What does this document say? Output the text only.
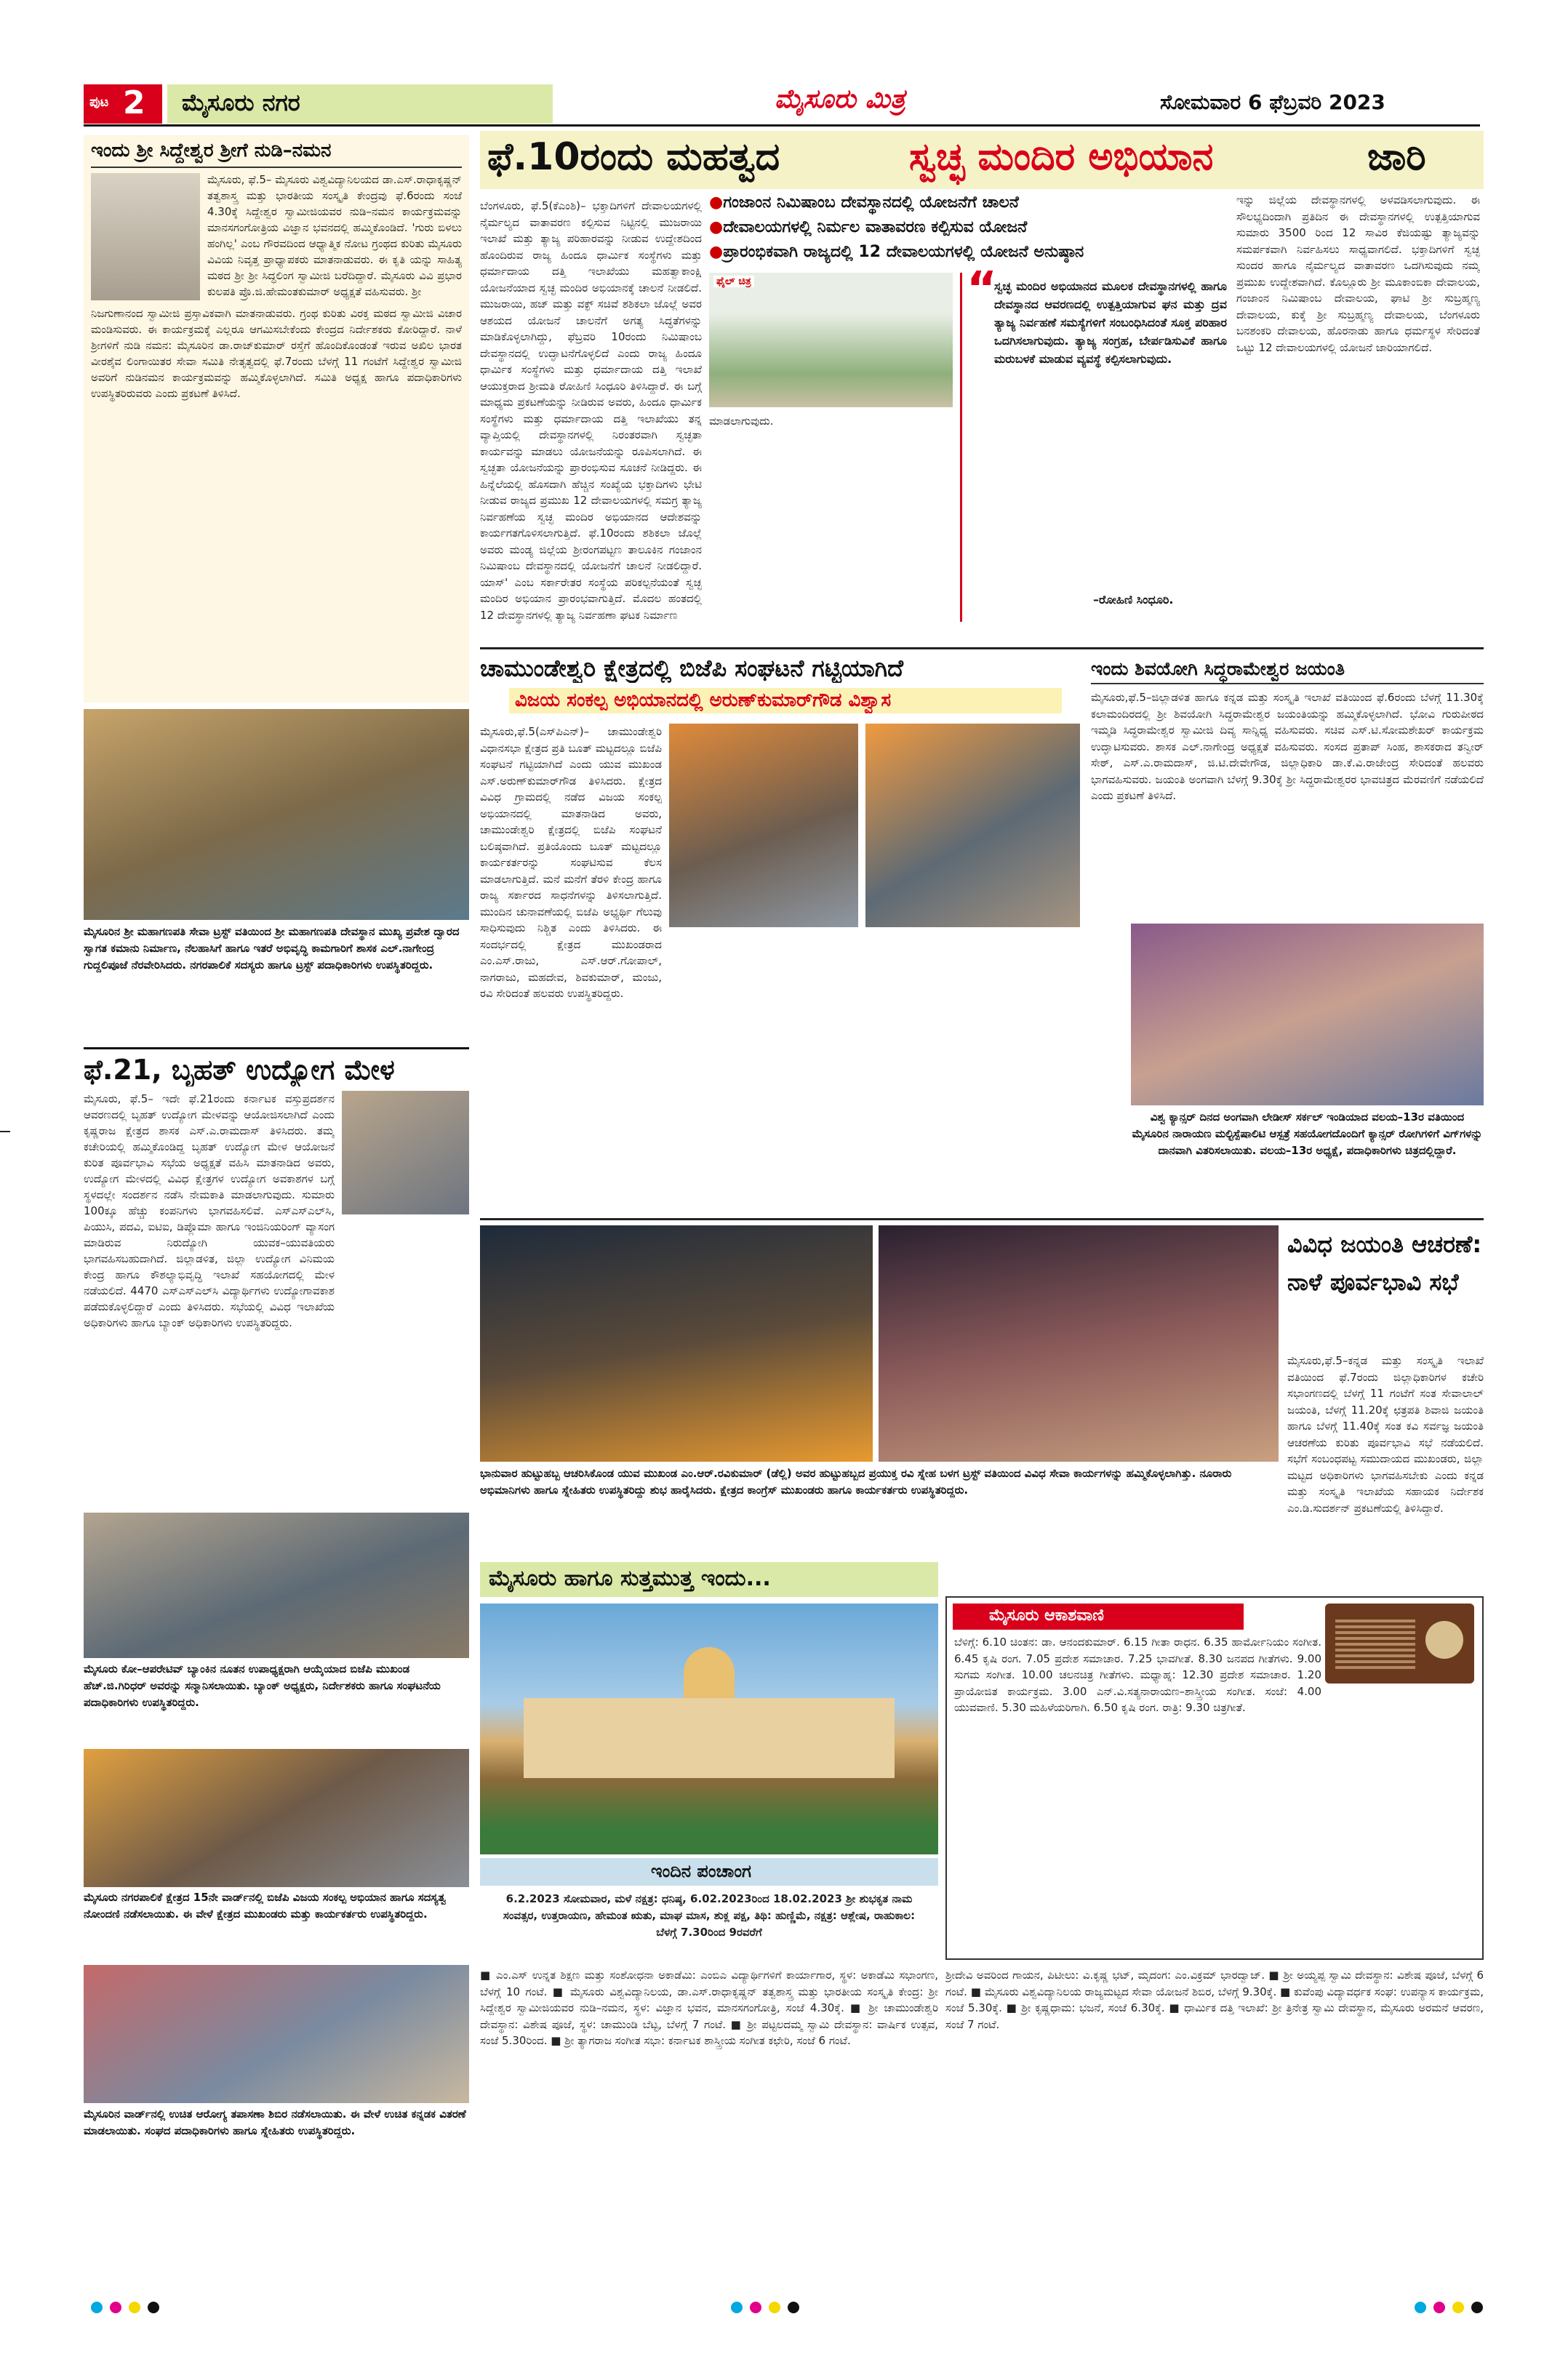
ಪುಟ 2 ಮೈಸೂರು ನಗರ	ಮೈಸೂರು ಮಿತ್ರ	ಸೋಮವಾರ 6 ಫೆಬ್ರವರಿ 2023
ಇಂದು ಶ್ರೀ ಸಿದ್ದೇಶ್ವರ ಶ್ರೀಗೆ ನುಡಿ–ನಮನ
ಮೈಸೂರು, ಫೆ.5– ಮೈಸೂರು ವಿಶ್ವವಿದ್ಯಾನಿಲಯದ ಡಾ.ಎಸ್.ರಾಧಾಕೃಷ್ಣನ್ ತತ್ವಶಾಸ್ತ್ರ ಮತ್ತು ಭಾರತೀಯ ಸಂಸ್ಕೃತಿ ಕೇಂದ್ರವು ಫೆ.6ರಂದು ಸಂಜೆ 4.30ಕ್ಕೆ ಸಿದ್ದೇಶ್ವರ ಸ್ವಾಮೀಜಿಯವರ ನುಡಿ–ನಮನ ಕಾರ್ಯಕ್ರಮವನ್ನು ಮಾನಸಗಂಗೋತ್ರಿಯ ವಿಜ್ಞಾನ ಭವನದಲ್ಲಿ ಹಮ್ಮಿಕೊಂಡಿದೆ. 'ಗುರು ಬಿಳಲು ಹಂಗಿಲ್ಲ' ಎಂಬ ಗೌರವದಿಂದ ಆಧ್ಯಾತ್ಮಿಕ ನೋಟ ಗ್ರಂಥದ ಕುರಿತು ಮೈಸೂರು ವಿವಿಯ ನಿವೃತ್ತ ಪ್ರಾಧ್ಯಾಪಕರು ಮಾತನಾಡುವರು. ಈ ಕೃತಿ ಯನ್ನು ಸಾಹಿತ್ಯ ಮಠದ ಶ್ರೀ ಶ್ರೀ ಸಿದ್ಧಲಿಂಗ ಸ್ವಾಮೀಜಿ ಬರೆದಿದ್ದಾರೆ. ಮೈಸೂರು ವಿವಿ ಪ್ರಭಾರ ಕುಲಪತಿ ಪ್ರೊ.ಜಿ.ಹೇಮಂತಕುಮಾರ್ ಅಧ್ಯಕ್ಷತೆ ವಹಿಸುವರು. ಶ್ರೀ
ನಿಜಗುಣಾನಂದ ಸ್ವಾಮೀಜಿ ಪ್ರಸ್ತಾವಿಕವಾಗಿ ಮಾತನಾಡುವರು. ಗ್ರಂಥ ಕುರಿತು ವಿರಕ್ತ ಮಠದ ಸ್ವಾಮೀಜಿ ವಿಚಾರ ಮಂಡಿಸುವರು. ಈ ಕಾರ್ಯಕ್ರಮಕ್ಕೆ ಎಲ್ಲರೂ ಆಗಮಿಸಬೇಕೆಂದು ಕೇಂದ್ರದ ನಿರ್ದೇಶಕರು ಕೋರಿದ್ದಾರೆ. ನಾಳೆ ಶ್ರೀಗಳಿಗೆ ನುಡಿ ನಮನ: ಮೈಸೂರಿನ ಡಾ.ರಾಜ್‌ಕುಮಾರ್ ರಸ್ತೆಗೆ ಹೊಂದಿಕೊಂಡಂತೆ ಇರುವ ಅಖಿಲ ಭಾರತ ವೀರಶೈವ ಲಿಂಗಾಯಿತರ ಸೇವಾ ಸಮಿತಿ ನೇತೃತ್ವದಲ್ಲಿ ಫೆ.7ರಂದು ಬೆಳಗ್ಗೆ 11 ಗಂಟೆಗೆ ಸಿದ್ದೇಶ್ವರ ಸ್ವಾಮೀಜಿ ಅವರಿಗೆ ನುಡಿನಮನ ಕಾರ್ಯಕ್ರಮವನ್ನು ಹಮ್ಮಿಕೊಳ್ಳಲಾಗಿದೆ. ಸಮಿತಿ ಅಧ್ಯಕ್ಷ ಹಾಗೂ ಪದಾಧಿಕಾರಿಗಳು ಉಪಸ್ಥಿತರಿರುವರು ಎಂದು ಪ್ರಕಟಣೆ ತಿಳಿಸಿದೆ.
ಮೈಸೂರಿನ ಶ್ರೀ ಮಹಾಗಣಪತಿ ಸೇವಾ ಟ್ರಸ್ಟ್ ವತಿಯಿಂದ ಶ್ರೀ ಮಹಾಗಣಪತಿ ದೇವಸ್ಥಾನ ಮುಖ್ಯ ಪ್ರವೇಶ ದ್ವಾರದ ಸ್ವಾಗತ ಕಮಾನು ನಿರ್ಮಾಣ, ನೆಲಹಾಸಿಗೆ ಹಾಗೂ ಇತರೆ ಅಭಿವೃದ್ಧಿ ಕಾಮಗಾರಿಗೆ ಶಾಸಕ ಎಲ್.ನಾಗೇಂದ್ರ ಗುದ್ದಲಿಪೂಜೆ ನೆರವೇರಿಸಿದರು. ನಗರಪಾಲಿಕೆ ಸದಸ್ಯರು ಹಾಗೂ ಟ್ರಸ್ಟ್ ಪದಾಧಿಕಾರಿಗಳು ಉಪಸ್ಥಿತರಿದ್ದರು.
ಫೆ.21, ಬೃಹತ್ ಉದ್ಯೋಗ ಮೇಳ
ಮೈಸೂರು, ಫೆ.5– ಇದೇ ಫೆ.21ರಂದು ಕರ್ನಾಟಕ ವಸ್ತುಪ್ರದರ್ಶನ ಆವರಣದಲ್ಲಿ ಬೃಹತ್ ಉದ್ಯೋಗ ಮೇಳವನ್ನು ಆಯೋಜಿಸಲಾಗಿದೆ ಎಂದು ಕೃಷ್ಣರಾಜ ಕ್ಷೇತ್ರದ ಶಾಸಕ ಎಸ್.ಎ.ರಾಮದಾಸ್ ತಿಳಿಸಿದರು. ತಮ್ಮ ಕಚೇರಿಯಲ್ಲಿ ಹಮ್ಮಿಕೊಂಡಿದ್ದ ಬೃಹತ್ ಉದ್ಯೋಗ ಮೇಳ ಆಯೋಜನೆ ಕುರಿತ ಪೂರ್ವಭಾವಿ ಸಭೆಯ ಅಧ್ಯಕ್ಷತೆ ವಹಿಸಿ ಮಾತನಾಡಿದ ಅವರು, ಉದ್ಯೋಗ ಮೇಳದಲ್ಲಿ ವಿವಿಧ ಕ್ಷೇತ್ರಗಳ ಉದ್ಯೋಗ ಅವಕಾಶಗಳ ಬಗ್ಗೆ ಸ್ಥಳದಲ್ಲೇ ಸಂದರ್ಶನ ನಡೆಸಿ ನೇಮಕಾತಿ ಮಾಡಲಾಗುವುದು. ಸುಮಾರು 100ಕ್ಕೂ ಹೆಚ್ಚು ಕಂಪನಿಗಳು ಭಾಗವಹಿಸಲಿವೆ. ಎಸ್‌ಎಸ್‌ಎಲ್‌ಸಿ, ಪಿಯುಸಿ, ಪದವಿ, ಐಟಿಐ, ಡಿಪ್ಲೊಮಾ ಹಾಗೂ ಇಂಜಿನಿಯರಿಂಗ್ ವ್ಯಾಸಂಗ ಮಾಡಿರುವ ನಿರುದ್ಯೋಗಿ ಯುವಕ–ಯುವತಿಯರು ಭಾಗವಹಿಸಬಹುದಾಗಿದೆ. ಜಿಲ್ಲಾಡಳಿತ, ಜಿಲ್ಲಾ ಉದ್ಯೋಗ ವಿನಿಮಯ ಕೇಂದ್ರ ಹಾಗೂ ಕೌಶಲ್ಯಾಭಿವೃದ್ಧಿ ಇಲಾಖೆ ಸಹಯೋಗದಲ್ಲಿ ಮೇಳ ನಡೆಯಲಿದೆ. 4470 ಎಸ್‌ಎಸ್‌ಎಲ್‌ಸಿ ವಿದ್ಯಾರ್ಥಿಗಳು ಉದ್ಯೋಗಾವಕಾಶ ಪಡೆದುಕೊಳ್ಳಲಿದ್ದಾರೆ ಎಂದು ತಿಳಿಸಿದರು. ಸಭೆಯಲ್ಲಿ ವಿವಿಧ ಇಲಾಖೆಯ ಅಧಿಕಾರಿಗಳು ಹಾಗೂ ಬ್ಯಾಂಕ್ ಅಧಿಕಾರಿಗಳು ಉಪಸ್ಥಿತರಿದ್ದರು.
ಮೈಸೂರು ಕೋ–ಆಪರೇಟಿವ್ ಬ್ಯಾಂಕಿನ ನೂತನ ಉಪಾಧ್ಯಕ್ಷರಾಗಿ ಆಯ್ಕೆಯಾದ ಬಿಜೆಪಿ ಮುಖಂಡ ಹೆಚ್.ಜಿ.ಗಿರಿಧರ್ ಅವರನ್ನು ಸನ್ಮಾನಿಸಲಾಯಿತು. ಬ್ಯಾಂಕ್ ಅಧ್ಯಕ್ಷರು, ನಿರ್ದೇಶಕರು ಹಾಗೂ ಸಂಘಟನೆಯ ಪದಾಧಿಕಾರಿಗಳು ಉಪಸ್ಥಿತರಿದ್ದರು.
ಮೈಸೂರು ನಗರಪಾಲಿಕೆ ಕ್ಷೇತ್ರದ 15ನೇ ವಾರ್ಡ್‌ನಲ್ಲಿ ಬಿಜೆಪಿ ವಿಜಯ ಸಂಕಲ್ಪ ಅಭಿಯಾನ ಹಾಗೂ ಸದಸ್ಯತ್ವ ನೋಂದಣಿ ನಡೆಸಲಾಯಿತು. ಈ ವೇಳೆ ಕ್ಷೇತ್ರದ ಮುಖಂಡರು ಮತ್ತು ಕಾರ್ಯಕರ್ತರು ಉಪಸ್ಥಿತರಿದ್ದರು.
ಮೈಸೂರಿನ ವಾರ್ಡ್‌ನಲ್ಲಿ ಉಚಿತ ಆರೋಗ್ಯ ತಪಾಸಣಾ ಶಿಬಿರ ನಡೆಸಲಾಯಿತು. ಈ ವೇಳೆ ಉಚಿತ ಕನ್ನಡಕ ವಿತರಣೆ ಮಾಡಲಾಯಿತು. ಸಂಘದ ಪದಾಧಿಕಾರಿಗಳು ಹಾಗೂ ಸ್ನೇಹಿತರು ಉಪಸ್ಥಿತರಿದ್ದರು.
ಫೆ.10ರಂದು ಮಹತ್ವದ	ಸ್ವಚ್ಛ ಮಂದಿರ ಅಭಿಯಾನ	ಜಾರಿ
ಬೆಂಗಳೂರು, ಫೆ.5(ಕೆಎಂಶಿ)– ಭಕ್ತಾದಿಗಳಿಗೆ ದೇವಾಲಯಗಳಲ್ಲಿ ನೈರ್ಮಲ್ಯದ ವಾತಾವರಣ ಕಲ್ಪಿಸುವ ನಿಟ್ಟಿನಲ್ಲಿ ಮುಜರಾಯಿ ಇಲಾಖೆ ಮತ್ತು ತ್ಯಾಜ್ಯ ಪರಿಹಾರವನ್ನು ನೀಡುವ ಉದ್ದೇಶದಿಂದ ಹೊಂದಿರುವ ರಾಜ್ಯ ಹಿಂದೂ ಧಾರ್ಮಿಕ ಸಂಸ್ಥೆಗಳು ಮತ್ತು ಧರ್ಮಾದಾಯ ದತ್ತಿ ಇಲಾಖೆಯು ಮಹತ್ವಾಕಾಂಕ್ಷಿ ಯೋಜನೆಯಾದ ಸ್ವಚ್ಛ ಮಂದಿರ ಅಭಿಯಾನಕ್ಕೆ ಚಾಲನೆ ನೀಡಲಿದೆ. ಮುಜರಾಯಿ, ಹಜ್ ಮತ್ತು ವಕ್ಫ್ ಸಚಿವೆ ಶಶಿಕಲಾ ಜೊಲ್ಲೆ ಅವರ ಆಶಯದ ಯೋಜನೆ ಚಾಲನೆಗೆ ಅಗತ್ಯ ಸಿದ್ಧತೆಗಳನ್ನು ಮಾಡಿಕೊಳ್ಳಲಾಗಿದ್ದು, ಫೆಬ್ರವರಿ 10ರಂದು ನಿಮಿಷಾಂಬ ದೇವಸ್ಥಾನದಲ್ಲಿ ಉದ್ಘಾಟನೆಗೊಳ್ಳಲಿದೆ ಎಂದು ರಾಜ್ಯ ಹಿಂದೂ ಧಾರ್ಮಿಕ ಸಂಸ್ಥೆಗಳು ಮತ್ತು ಧರ್ಮಾದಾಯ ದತ್ತಿ ಇಲಾಖೆ ಆಯುಕ್ತರಾದ ಶ್ರೀಮತಿ ರೋಹಿಣಿ ಸಿಂಧೂರಿ ತಿಳಿಸಿದ್ದಾರೆ. ಈ ಬಗ್ಗೆ ಮಾಧ್ಯಮ ಪ್ರಕಟಣೆಯನ್ನು ನೀಡಿರುವ ಅವರು, ಹಿಂದೂ ಧಾರ್ಮಿಕ ಸಂಸ್ಥೆಗಳು ಮತ್ತು ಧರ್ಮಾದಾಯ ದತ್ತಿ ಇಲಾಖೆಯು ತನ್ನ ವ್ಯಾಪ್ತಿಯಲ್ಲಿ ದೇವಸ್ಥಾನಗಳಲ್ಲಿ ನಿರಂತರವಾಗಿ ಸ್ವಚ್ಛತಾ ಕಾರ್ಯವನ್ನು ಮಾಡಲು ಯೋಜನೆಯನ್ನು ರೂಪಿಸಲಾಗಿದೆ. ಈ ಸ್ವಚ್ಛತಾ ಯೋಜನೆಯನ್ನು ಪ್ರಾರಂಭಿಸುವ ಸೂಚನೆ ನೀಡಿದ್ದರು. ಈ ಹಿನ್ನೆಲೆಯಲ್ಲಿ ಹೊಸದಾಗಿ ಹೆಚ್ಚಿನ ಸಂಖ್ಯೆಯ ಭಕ್ತಾದಿಗಳು ಭೇಟಿ ನೀಡುವ ರಾಜ್ಯದ ಪ್ರಮುಖ 12 ದೇವಾಲಯಗಳಲ್ಲಿ ಸಮಗ್ರ ತ್ಯಾಜ್ಯ ನಿರ್ವಹಣೆಯ ಸ್ವಚ್ಛ ಮಂದಿರ ಅಭಿಯಾನದ ಆದೇಶವನ್ನು ಕಾರ್ಯಗತಗೊಳಿಸಲಾಗುತ್ತಿದೆ. ಫೆ.10ರಂದು ಶಶಿಕಲಾ ಜೊಲ್ಲೆ ಅವರು ಮಂಡ್ಯ ಜಿಲ್ಲೆಯ ಶ್ರೀರಂಗಪಟ್ಟಣ ತಾಲೂಕಿನ ಗಂಜಾಂನ ನಿಮಿಷಾಂಬ ದೇವಸ್ಥಾನದಲ್ಲಿ ಯೋಜನೆಗೆ ಚಾಲನೆ ನೀಡಲಿದ್ದಾರೆ. ಯಾಸ್' ಎಂಬ ಸರ್ಕಾರೇತರ ಸಂಸ್ಥೆಯ ಪರಿಕಲ್ಪನೆಯಂತೆ ಸ್ವಚ್ಛ ಮಂದಿರ ಅಭಿಯಾನ ಪ್ರಾರಂಭವಾಗುತ್ತಿದೆ. ಮೊದಲ ಹಂತದಲ್ಲಿ 12 ದೇವಸ್ಥಾನಗಳಲ್ಲಿ ತ್ಯಾಜ್ಯ ನಿರ್ವಹಣಾ ಘಟಕ ನಿರ್ಮಾಣ
●ಗಂಜಾಂನ ನಿಮಿಷಾಂಬ ದೇವಸ್ಥಾನದಲ್ಲಿ ಯೋಜನೆಗೆ ಚಾಲನೆ
●ದೇವಾಲಯಗಳಲ್ಲಿ ನಿರ್ಮಲ ವಾತಾವರಣ ಕಲ್ಪಿಸುವ ಯೋಜನೆ
●ಪ್ರಾರಂಭಿಕವಾಗಿ ರಾಜ್ಯದಲ್ಲಿ 12 ದೇವಾಲಯಗಳಲ್ಲಿ ಯೋಜನೆ ಅನುಷ್ಠಾನ
ಫೈಲ್ ಚಿತ್ರ	“
ಸ್ವಚ್ಛ ಮಂದಿರ ಅಭಿಯಾನದ ಮೂಲಕ ದೇವಸ್ಥಾನಗಳಲ್ಲಿ ಹಾಗೂ ದೇವಸ್ಥಾನದ ಆವರಣದಲ್ಲಿ ಉತ್ಪತ್ತಿಯಾಗುವ ಘನ ಮತ್ತು ದ್ರವ ತ್ಯಾಜ್ಯ ನಿರ್ವಹಣೆ ಸಮಸ್ಯೆಗಳಿಗೆ ಸಂಬಂಧಿಸಿದಂತೆ ಸೂಕ್ತ ಪರಿಹಾರ ಒದಗಿಸಲಾಗುವುದು. ತ್ಯಾಜ್ಯ ಸಂಗ್ರಹ, ಬೇರ್ಪಡಿಸುವಿಕೆ ಹಾಗೂ ಮರುಬಳಕೆ ಮಾಡುವ ವ್ಯವಸ್ಥೆ ಕಲ್ಪಿಸಲಾಗುವುದು.
–ರೋಹಿಣಿ ಸಿಂಧೂರಿ.
ಮಾಡಲಾಗುವುದು.
ಇನ್ನು ಜಿಲ್ಲೆಯ ದೇವಸ್ಥಾನಗಳಲ್ಲಿ ಅಳವಡಿಸಲಾಗುವುದು. ಈ ಸೌಲಭ್ಯದಿಂದಾಗಿ ಪ್ರತಿದಿನ ಈ ದೇವಸ್ಥಾನಗಳಲ್ಲಿ ಉತ್ಪತ್ತಿಯಾಗುವ ಸುಮಾರು 3500 ರಿಂದ 12 ಸಾವಿರ ಕೆಜಿಯಷ್ಟು ತ್ಯಾಜ್ಯವನ್ನು ಸಮರ್ಪಕವಾಗಿ ನಿರ್ವಹಿಸಲು ಸಾಧ್ಯವಾಗಲಿದೆ. ಭಕ್ತಾದಿಗಳಿಗೆ ಸ್ವಚ್ಛ ಸುಂದರ ಹಾಗೂ ನೈರ್ಮಲ್ಯದ ವಾತಾವರಣ ಒದಗಿಸುವುದು ನಮ್ಮ ಪ್ರಮುಖ ಉದ್ದೇಶವಾಗಿದೆ. ಕೊಲ್ಲೂರು ಶ್ರೀ ಮೂಕಾಂಬಿಕಾ ದೇವಾಲಯ, ಗಂಜಾಂನ ನಿಮಿಷಾಂಬ ದೇವಾಲಯ, ಘಾಟಿ ಶ್ರೀ ಸುಬ್ರಹ್ಮಣ್ಯ ದೇವಾಲಯ, ಕುಕ್ಕೆ ಶ್ರೀ ಸುಬ್ರಹ್ಮಣ್ಯ ದೇವಾಲಯ, ಬೆಂಗಳೂರು ಬನಶಂಕರಿ ದೇವಾಲಯ, ಹೊರನಾಡು ಹಾಗೂ ಧರ್ಮಸ್ಥಳ ಸೇರಿದಂತೆ ಒಟ್ಟು 12 ದೇವಾಲಯಗಳಲ್ಲಿ ಯೋಜನೆ ಜಾರಿಯಾಗಲಿದೆ.
ಚಾಮುಂಡೇಶ್ವರಿ ಕ್ಷೇತ್ರದಲ್ಲಿ ಬಿಜೆಪಿ ಸಂಘಟನೆ ಗಟ್ಟಿಯಾಗಿದೆ
ವಿಜಯ ಸಂಕಲ್ಪ ಅಭಿಯಾನದಲ್ಲಿ ಅರುಣ್‌ಕುಮಾರ್‌ಗೌಡ ವಿಶ್ವಾಸ
ಮೈಸೂರು,ಫೆ.5(ಎಸ್‌ಪಿಎನ್)– ಚಾಮುಂಡೇಶ್ವರಿ ವಿಧಾನಸಭಾ ಕ್ಷೇತ್ರದ ಪ್ರತಿ ಬೂತ್ ಮಟ್ಟದಲ್ಲೂ ಬಿಜೆಪಿ ಸಂಘಟನೆ ಗಟ್ಟಿಯಾಗಿದೆ ಎಂದು ಯುವ ಮುಖಂಡ ಎಸ್.ಅರುಣ್‌ಕುಮಾರ್‌ಗೌಡ ತಿಳಿಸಿದರು. ಕ್ಷೇತ್ರದ ವಿವಿಧ ಗ್ರಾಮದಲ್ಲಿ ನಡೆದ ವಿಜಯ ಸಂಕಲ್ಪ ಅಭಿಯಾನದಲ್ಲಿ ಮಾತನಾಡಿದ ಅವರು, ಚಾಮುಂಡೇಶ್ವರಿ ಕ್ಷೇತ್ರದಲ್ಲಿ ಬಿಜೆಪಿ ಸಂಘಟನೆ ಬಲಿಷ್ಠವಾಗಿದೆ. ಪ್ರತಿಯೊಂದು ಬೂತ್ ಮಟ್ಟದಲ್ಲೂ ಕಾರ್ಯಕರ್ತರನ್ನು ಸಂಘಟಿಸುವ ಕೆಲಸ ಮಾಡಲಾಗುತ್ತಿದೆ. ಮನೆ ಮನೆಗೆ ತೆರಳಿ ಕೇಂದ್ರ ಹಾಗೂ ರಾಜ್ಯ ಸರ್ಕಾರದ ಸಾಧನೆಗಳನ್ನು ತಿಳಿಸಲಾಗುತ್ತಿದೆ. ಮುಂದಿನ ಚುನಾವಣೆಯಲ್ಲಿ ಬಿಜೆಪಿ ಅಭ್ಯರ್ಥಿ ಗೆಲುವು ಸಾಧಿಸುವುದು ನಿಶ್ಚಿತ ಎಂದು ತಿಳಿಸಿದರು. ಈ ಸಂದರ್ಭದಲ್ಲಿ ಕ್ಷೇತ್ರದ ಮುಖಂಡರಾದ ಎಂ.ಎಸ್.ರಾಜು, ಎಸ್.ಆರ್.ಗೋಪಾಲ್, ನಾಗರಾಜು, ಮಹದೇವ, ಶಿವಕುಮಾರ್, ಮಂಜು, ರವಿ ಸೇರಿದಂತೆ ಹಲವರು ಉಪಸ್ಥಿತರಿದ್ದರು.
ಇಂದು ಶಿವಯೋಗಿ ಸಿದ್ಧರಾಮೇಶ್ವರ ಜಯಂತಿ
ಮೈಸೂರು,ಫೆ.5–ಜಿಲ್ಲಾಡಳಿತ ಹಾಗೂ ಕನ್ನಡ ಮತ್ತು ಸಂಸ್ಕೃತಿ ಇಲಾಖೆ ವತಿಯಿಂದ ಫೆ.6ರಂದು ಬೆಳಗ್ಗೆ 11.30ಕ್ಕೆ ಕಲಾಮಂದಿರದಲ್ಲಿ ಶ್ರೀ ಶಿವಯೋಗಿ ಸಿದ್ಧರಾಮೇಶ್ವರ ಜಯಂತಿಯನ್ನು ಹಮ್ಮಿಕೊಳ್ಳಲಾಗಿದೆ. ಭೋವಿ ಗುರುಪೀಠದ ಇಮ್ಮಡಿ ಸಿದ್ಧರಾಮೇಶ್ವರ ಸ್ವಾಮೀಜಿ ದಿವ್ಯ ಸಾನ್ನಿಧ್ಯ ವಹಿಸುವರು. ಸಚಿವ ಎಸ್.ಟಿ.ಸೋಮಶೇಖರ್ ಕಾರ್ಯಕ್ರಮ ಉದ್ಘಾಟಿಸುವರು. ಶಾಸಕ ಎಲ್.ನಾಗೇಂದ್ರ ಅಧ್ಯಕ್ಷತೆ ವಹಿಸುವರು. ಸಂಸದ ಪ್ರತಾಪ್ ಸಿಂಹ, ಶಾಸಕರಾದ ತನ್ವೀರ್ ಸೇಠ್, ಎಸ್.ಎ.ರಾಮದಾಸ್, ಜಿ.ಟಿ.ದೇವೇಗೌಡ, ಜಿಲ್ಲಾಧಿಕಾರಿ ಡಾ.ಕೆ.ವಿ.ರಾಜೇಂದ್ರ ಸೇರಿದಂತೆ ಹಲವರು ಭಾಗವಹಿಸುವರು. ಜಯಂತಿ ಅಂಗವಾಗಿ ಬೆಳಗ್ಗೆ 9.30ಕ್ಕೆ ಶ್ರೀ ಸಿದ್ಧರಾಮೇಶ್ವರರ ಭಾವಚಿತ್ರದ ಮೆರವಣಿಗೆ ನಡೆಯಲಿದೆ ಎಂದು ಪ್ರಕಟಣೆ ತಿಳಿಸಿದೆ.
ವಿಶ್ವ ಕ್ಯಾನ್ಸರ್ ದಿನದ ಅಂಗವಾಗಿ ಲೇಡೀಸ್ ಸರ್ಕಲ್ ಇಂಡಿಯಾದ ವಲಯ–13ರ ವತಿಯಿಂದ ಮೈಸೂರಿನ ನಾರಾಯಣ ಮಲ್ಟಿಸ್ಪೆಷಾಲಿಟಿ ಆಸ್ಪತ್ರೆ ಸಹಯೋಗದೊಂದಿಗೆ ಕ್ಯಾನ್ಸರ್ ರೋಗಿಗಳಿಗೆ ವಿಗ್‌ಗಳನ್ನು ದಾನವಾಗಿ ವಿತರಿಸಲಾಯಿತು. ವಲಯ–13ರ ಅಧ್ಯಕ್ಷೆ, ಪದಾಧಿಕಾರಿಗಳು ಚಿತ್ರದಲ್ಲಿದ್ದಾರೆ.
ಭಾನುವಾರ ಹುಟ್ಟುಹಬ್ಬ ಆಚರಿಸಿಕೊಂಡ ಯುವ ಮುಖಂಡ ಎಂ.ಆರ್.ರವಿಕುಮಾರ್ (ಡೆಲ್ಲಿ) ಅವರ ಹುಟ್ಟುಹಬ್ಬದ ಪ್ರಯುಕ್ತ ರವಿ ಸ್ನೇಹ ಬಳಗ ಟ್ರಸ್ಟ್ ವತಿಯಿಂದ ವಿವಿಧ ಸೇವಾ ಕಾರ್ಯಗಳನ್ನು ಹಮ್ಮಿಕೊಳ್ಳಲಾಗಿತ್ತು. ನೂರಾರು ಅಭಿಮಾನಿಗಳು ಹಾಗೂ ಸ್ನೇಹಿತರು ಉಪಸ್ಥಿತರಿದ್ದು ಶುಭ ಹಾರೈಸಿದರು. ಕ್ಷೇತ್ರದ ಕಾಂಗ್ರೆಸ್ ಮುಖಂಡರು ಹಾಗೂ ಕಾರ್ಯಕರ್ತರು ಉಪಸ್ಥಿತರಿದ್ದರು.
ವಿವಿಧ ಜಯಂತಿ ಆಚರಣೆ: ನಾಳೆ ಪೂರ್ವಭಾವಿ ಸಭೆ
ಮೈಸೂರು,ಫೆ.5–ಕನ್ನಡ ಮತ್ತು ಸಂಸ್ಕೃತಿ ಇಲಾಖೆ ವತಿಯಿಂದ ಫೆ.7ರಂದು ಜಿಲ್ಲಾಧಿಕಾರಿಗಳ ಕಚೇರಿ ಸಭಾಂಗಣದಲ್ಲಿ ಬೆಳಗ್ಗೆ 11 ಗಂಟೆಗೆ ಸಂತ ಸೇವಾಲಾಲ್ ಜಯಂತಿ, ಬೆಳಗ್ಗೆ 11.20ಕ್ಕೆ ಛತ್ರಪತಿ ಶಿವಾಜಿ ಜಯಂತಿ ಹಾಗೂ ಬೆಳಗ್ಗೆ 11.40ಕ್ಕೆ ಸಂತ ಕವಿ ಸರ್ವಜ್ಞ ಜಯಂತಿ ಆಚರಣೆಯ ಕುರಿತು ಪೂರ್ವಭಾವಿ ಸಭೆ ನಡೆಯಲಿದೆ. ಸಭೆಗೆ ಸಂಬಂಧಪಟ್ಟ ಸಮುದಾಯದ ಮುಖಂಡರು, ಜಿಲ್ಲಾ ಮಟ್ಟದ ಅಧಿಕಾರಿಗಳು ಭಾಗವಹಿಸಬೇಕು ಎಂದು ಕನ್ನಡ ಮತ್ತು ಸಂಸ್ಕೃತಿ ಇಲಾಖೆಯ ಸಹಾಯಕ ನಿರ್ದೇಶಕ ಎಂ.ಡಿ.ಸುದರ್ಶನ್ ಪ್ರಕಟಣೆಯಲ್ಲಿ ತಿಳಿಸಿದ್ದಾರೆ.
ಮೈಸೂರು ಹಾಗೂ ಸುತ್ತಮುತ್ತ ಇಂದು...
ಇಂದಿನ ಪಂಚಾಂಗ
6.2.2023 ಸೋಮವಾರ, ಮಳೆ ನಕ್ಷತ್ರ: ಧನಿಷ್ಠ, 6.02.2023ರಿಂದ 18.02.2023 ಶ್ರೀ ಶುಭಕೃತ ನಾಮ ಸಂವತ್ಸರ, ಉತ್ತರಾಯಣ, ಹೇಮಂತ ಋತು, ಮಾಘ ಮಾಸ, ಶುಕ್ಲ ಪಕ್ಷ, ತಿಥಿ: ಹುಣ್ಣಿಮೆ, ನಕ್ಷತ್ರ: ಆಶ್ಲೇಷ, ರಾಹುಕಾಲ: ಬೆಳಗ್ಗೆ 7.30ರಿಂದ 9ರವರೆಗೆ
ಮೈಸೂರು ಆಕಾಶವಾಣಿ
ಬೆಳಿಗ್ಗೆ: 6.10 ಚಿಂತನ: ಡಾ. ಆನಂದಕುಮಾರ್. 6.15 ಗೀತಾ ರಾಧನ. 6.35 ಹಾರ್ಮೋನಿಯಂ ಸಂಗೀತ. 6.45 ಕೃಷಿ ರಂಗ. 7.05 ಪ್ರದೇಶ ಸಮಾಚಾರ. 7.25 ಭಾವಗೀತೆ. 8.30 ಜನಪದ ಗೀತೆಗಳು. 9.00 ಸುಗಮ ಸಂಗೀತ. 10.00 ಚಲನಚಿತ್ರ ಗೀತೆಗಳು. ಮಧ್ಯಾಹ್ನ: 12.30 ಪ್ರದೇಶ ಸಮಾಚಾರ. 1.20 ಪ್ರಾಯೋಜಿತ ಕಾರ್ಯಕ್ರಮ. 3.00 ಎನ್.ವಿ.ಸತ್ಯನಾರಾಯಣ–ಶಾಸ್ತ್ರೀಯ ಸಂಗೀತ. ಸಂಜೆ: 4.00 ಯುವವಾಣಿ. 5.30 ಮಹಿಳೆಯರಿಗಾಗಿ. 6.50 ಕೃಷಿ ರಂಗ. ರಾತ್ರಿ: 9.30 ಚಿತ್ರಗೀತೆ.
■ ಎಂ.ಎಸ್ ಉನ್ನತ ಶಿಕ್ಷಣ ಮತ್ತು ಸಂಶೋಧನಾ ಅಕಾಡೆಮಿ: ಎಂಬಿಎ ವಿದ್ಯಾರ್ಥಿಗಳಿಗೆ ಕಾರ್ಯಾಗಾರ, ಸ್ಥಳ: ಅಕಾಡೆಮಿ ಸಭಾಂಗಣ, ಬೆಳಗ್ಗೆ 10 ಗಂಟೆ. ■ ಮೈಸೂರು ವಿಶ್ವವಿದ್ಯಾನಿಲಯ, ಡಾ.ಎಸ್.ರಾಧಾಕೃಷ್ಣನ್ ತತ್ವಶಾಸ್ತ್ರ ಮತ್ತು ಭಾರತೀಯ ಸಂಸ್ಕೃತಿ ಕೇಂದ್ರ: ಶ್ರೀ ಸಿದ್ದೇಶ್ವರ ಸ್ವಾಮೀಜಿಯವರ ನುಡಿ–ನಮನ, ಸ್ಥಳ: ವಿಜ್ಞಾನ ಭವನ, ಮಾನಸಗಂಗೋತ್ರಿ, ಸಂಜೆ 4.30ಕ್ಕೆ. ■ ಶ್ರೀ ಚಾಮುಂಡೇಶ್ವರಿ ದೇವಸ್ಥಾನ: ವಿಶೇಷ ಪೂಜೆ, ಸ್ಥಳ: ಚಾಮುಂಡಿ ಬೆಟ್ಟ, ಬೆಳಗ್ಗೆ 7 ಗಂಟೆ. ■ ಶ್ರೀ ಪಟ್ಟಲದಮ್ಮ ಸ್ವಾಮಿ ದೇವಸ್ಥಾನ: ವಾರ್ಷಿಕ ಉತ್ಸವ, ಸಂಜೆ 5.30ರಿಂದ. ■ ಶ್ರೀ ತ್ಯಾಗರಾಜ ಸಂಗೀತ ಸಭಾ: ಕರ್ನಾಟಕ ಶಾಸ್ತ್ರೀಯ ಸಂಗೀತ ಕಛೇರಿ, ಸಂಜೆ 6 ಗಂಟೆ.
ಶ್ರೀದೇವಿ ಅವರಿಂದ ಗಾಯನ, ಪಿಟೀಲು: ವಿ.ಕೃಷ್ಣ ಭಟ್, ಮೃದಂಗ: ಎಂ.ವಿಕ್ರಮ್ ಭಾರದ್ವಾಜ್. ■ ಶ್ರೀ ಅಯ್ಯಪ್ಪ ಸ್ವಾಮಿ ದೇವಸ್ಥಾನ: ವಿಶೇಷ ಪೂಜೆ, ಬೆಳಗ್ಗೆ 6 ಗಂಟೆ. ■ ಮೈಸೂರು ವಿಶ್ವವಿದ್ಯಾನಿಲಯ ರಾಜ್ಯಮಟ್ಟದ ಸೇವಾ ಯೋಜನೆ ಶಿಬಿರ, ಬೆಳಗ್ಗೆ 9.30ಕ್ಕೆ. ■ ಕುವೆಂಪು ವಿದ್ಯಾವರ್ಧಕ ಸಂಘ: ಉಪನ್ಯಾಸ ಕಾರ್ಯಕ್ರಮ, ಸಂಜೆ 5.30ಕ್ಕೆ. ■ ಶ್ರೀ ಕೃಷ್ಣಧಾಮ: ಭಜನೆ, ಸಂಜೆ 6.30ಕ್ಕೆ. ■ ಧಾರ್ಮಿಕ ದತ್ತಿ ಇಲಾಖೆ: ಶ್ರೀ ತ್ರಿನೇತ್ರ ಸ್ವಾಮಿ ದೇವಸ್ಥಾನ, ಮೈಸೂರು ಅರಮನೆ ಆವರಣ, ಸಂಜೆ 7 ಗಂಟೆ.
